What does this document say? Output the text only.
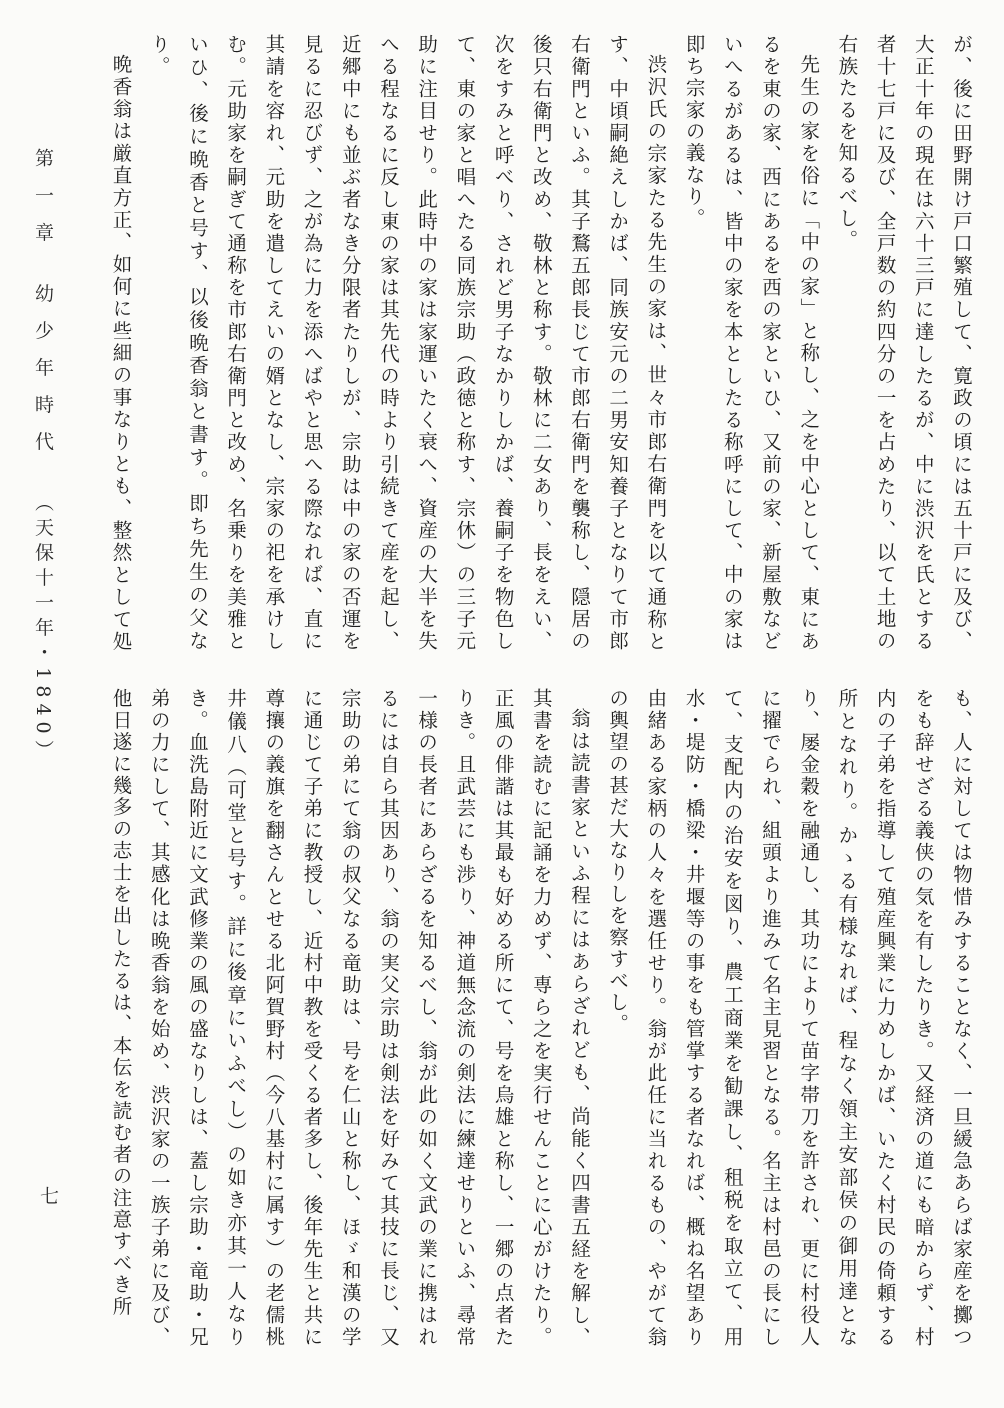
第 一 章幼 少 年 時 代（天保十一年・1840）	が、後に田野開け戸口繁殖して、寛政の頃には五十戸に及び、大正十年の現在は六十三戸に達したるが、中に渋沢を氏とする者十七戸に及び、全戸数の約四分の一を占めたり、以て土地の右族たるを知るべし。

先生の家を俗に「中の家」と称し、之を中心として、東にあるを東の家、西にあるを西の家といひ、又前の家、新屋敷などいへるがあるは、皆中の家を本としたる称呼にして、中の家は即ち宗家の義なり。

渋沢氏の宗家たる先生の家は、世々市郎右衛門を以て通称とす、中頃嗣絶えしかば、同族安元の二男安知養子となりて市郎右衛門といふ。其子鶩五郎長じて市郎右衛門を襲称し、隠居の後只右衛門と改め、敬林と称す。敬林に二女あり、長をえい、次をすみと呼べり、されど男子なかりしかば、養嗣子を物色して、東の家と唱へたる同族宗助（政徳と称す、宗休）の三子元助に注目せり。此時中の家は家運いたく衰へ、資産の大半を失へる程なるに反し東の家は其先代の時より引続きて産を起し、近郷中にも並ぶ者なき分限者たりしが、宗助は中の家の否運を見るに忍びず、之が為に力を添へばやと思へる際なれば、直に其請を容れ、元助を遣してえいの婿となし、宗家の祀を承けしむ。元助家を嗣ぎて通称を市郎右衛門と改め、名乗りを美雅といひ、後に晩香と号す、以後晩香翁と書す。即ち先生の父なり。

晩香翁は厳直方正、如何に些細の事なりとも、整然として処

も、人に対しては物惜みすることなく、一旦緩急あらば家産を擲つをも辞せざる義侠の気を有したりき。又経済の道にも暗からず、村内の子弟を指導して殖産興業に力めしかば、いたく村民の倚頼する所となれり。かゝる有様なれば、程なく領主安部侯の御用達となり、屡金穀を融通し、其功によりて苗字帯刀を許され、更に村役人に擢でられ、組頭より進みて名主見習となる。名主は村邑の長にして、支配内の治安を図り、農工商業を勧課し、租税を取立て、用水・堤防・橋梁・井堰等の事をも管掌する者なれば、概ね名望あり由緒ある家柄の人々を選任せり。翁が此任に当れるもの、やがて翁の輿望の甚だ大なりしを察すべし。

翁は読書家といふ程にはあらざれども、尚能く四書五経を解し、其書を読むに記誦を力めず、専ら之を実行せんことに心がけたり。正風の俳諧は其最も好める所にて、号を烏雄と称し、一郷の点者たりき。且武芸にも渉り、神道無念流の剣法に練達せりといふ、尋常一様の長者にあらざるを知るべし、翁が此の如く文武の業に携はれるには自ら其因あり、翁の実父宗助は剣法を好みて其技に長じ、又宗助の弟にて翁の叔父なる竜助は、号を仁山と称し、ほゞ和漢の学に通じて子弟に教授し、近村中教を受くる者多し、後年先生と共に尊攘の義旗を翻さんとせる北阿賀野村（今八基村に属す）の老儒桃井儀八（可堂と号す。詳に後章にいふべし）の如き亦其一人なりき。血洗島附近に文武修業の風の盛なりしは、蓋し宗助・竜助・兄弟の力にして、其感化は晩香翁を始め、渋沢家の一族子弟に及び、他日遂に幾多の志士を出したるは、本伝を読む者の注意すべき所

七
